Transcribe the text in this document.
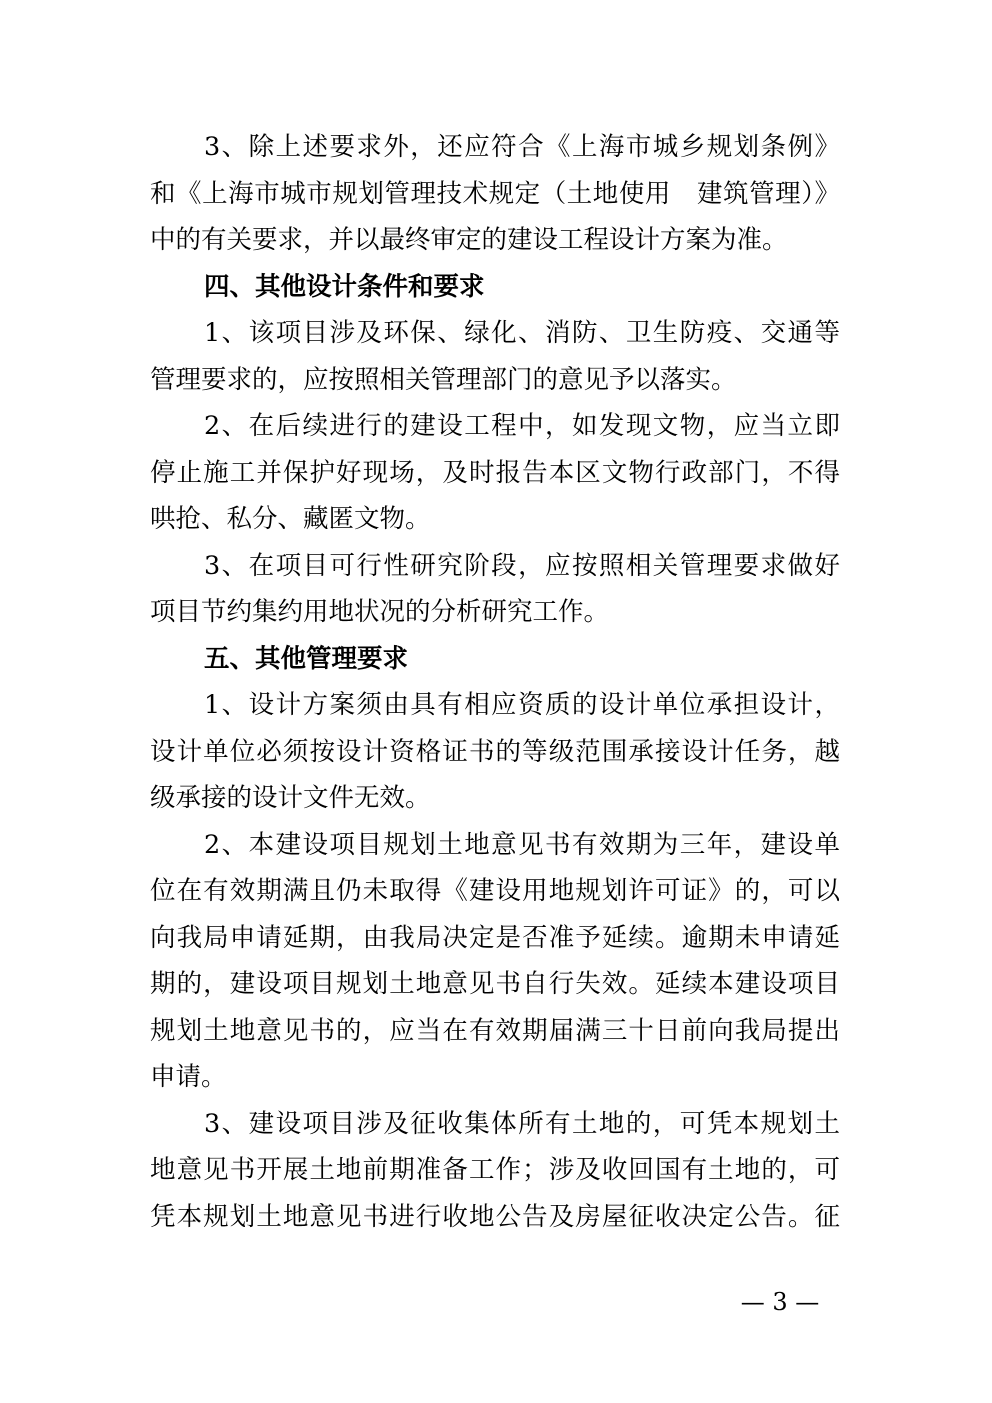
3、除上述要求外，还应符合《上海市城乡规划条例》
和《上海市城市规划管理技术规定（土地使用　建筑管理）》
中的有关要求，并以最终审定的建设工程设计方案为准。
四、其他设计条件和要求
1、该项目涉及环保、绿化、消防、卫生防疫、交通等
管理要求的，应按照相关管理部门的意见予以落实。
2、在后续进行的建设工程中，如发现文物，应当立即
停止施工并保护好现场，及时报告本区文物行政部门，不得
哄抢、私分、藏匿文物。
3、在项目可行性研究阶段，应按照相关管理要求做好
项目节约集约用地状况的分析研究工作。
五、其他管理要求
1、设计方案须由具有相应资质的设计单位承担设计，
设计单位必须按设计资格证书的等级范围承接设计任务，越
级承接的设计文件无效。
2、本建设项目规划土地意见书有效期为三年，建设单
位在有效期满且仍未取得《建设用地规划许可证》的，可以
向我局申请延期，由我局决定是否准予延续。逾期未申请延
期的，建设项目规划土地意见书自行失效。延续本建设项目
规划土地意见书的，应当在有效期届满三十日前向我局提出
申请。
3、建设项目涉及征收集体所有土地的，可凭本规划土
地意见书开展土地前期准备工作；涉及收回国有土地的，可
凭本规划土地意见书进行收地公告及房屋征收决定公告。征
— 3 —
